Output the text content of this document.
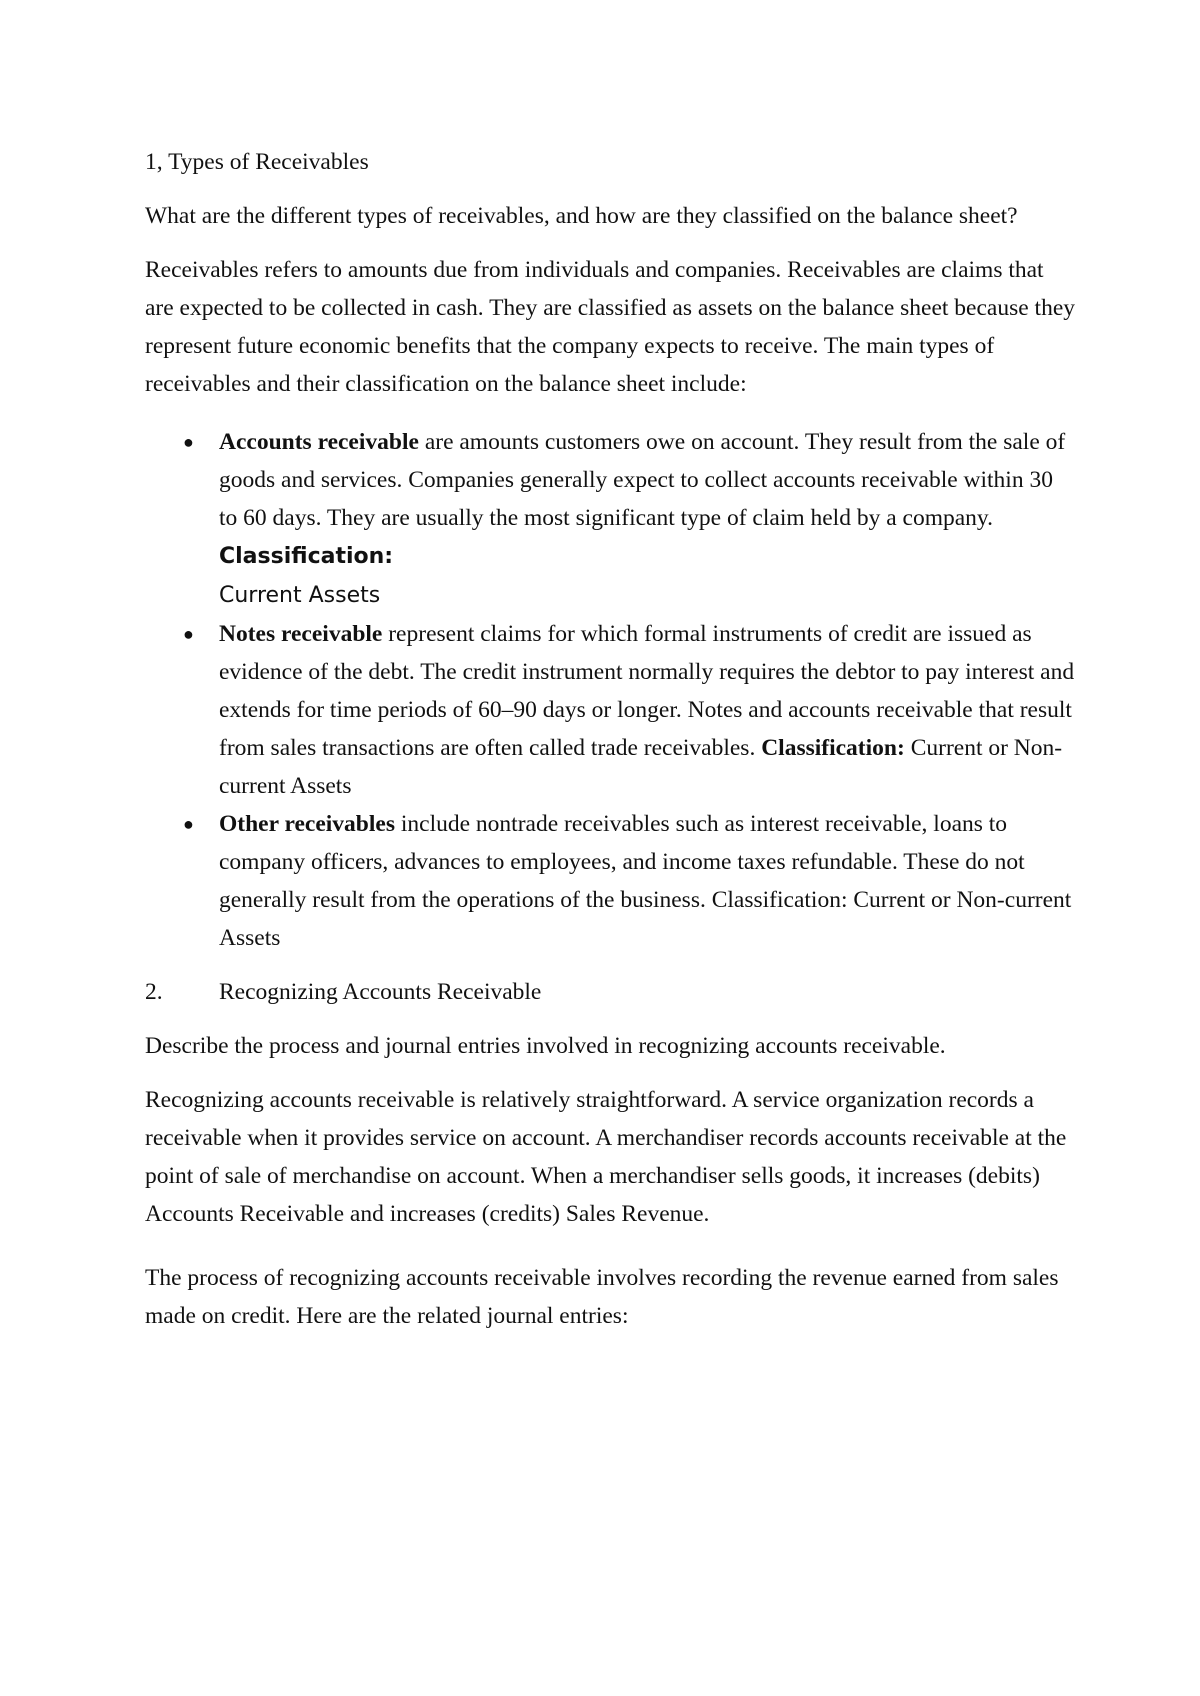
1, Types of Receivables

What are the different types of receivables, and how are they classified on the balance sheet?

Receivables refers to amounts due from individuals and companies. Receivables are claims that are expected to be collected in cash. They are classified as assets on the balance sheet because they represent future economic benefits that the company expects to receive. The main types of receivables and their classification on the balance sheet include:

● Accounts receivable are amounts customers owe on account. They result from the sale of goods and services. Companies generally expect to collect accounts receivable within 30 to 60 days. They are usually the most significant type of claim held by a company. Classification:
Current Assets
● Notes receivable represent claims for which formal instruments of credit are issued as evidence of the debt. The credit instrument normally requires the debtor to pay interest and extends for time periods of 60–90 days or longer. Notes and accounts receivable that result from sales transactions are often called trade receivables. Classification: Current or Non-current Assets
● Other receivables include nontrade receivables such as interest receivable, loans to company officers, advances to employees, and income taxes refundable. These do not generally result from the operations of the business. Classification: Current or Non-current Assets
2.	Recognizing Accounts Receivable

Describe the process and journal entries involved in recognizing accounts receivable.

Recognizing accounts receivable is relatively straightforward. A service organization records a receivable when it provides service on account. A merchandiser records accounts receivable at the point of sale of merchandise on account. When a merchandiser sells goods, it increases (debits) Accounts Receivable and increases (credits) Sales Revenue.

The process of recognizing accounts receivable involves recording the revenue earned from sales made on credit. Here are the related journal entries:
